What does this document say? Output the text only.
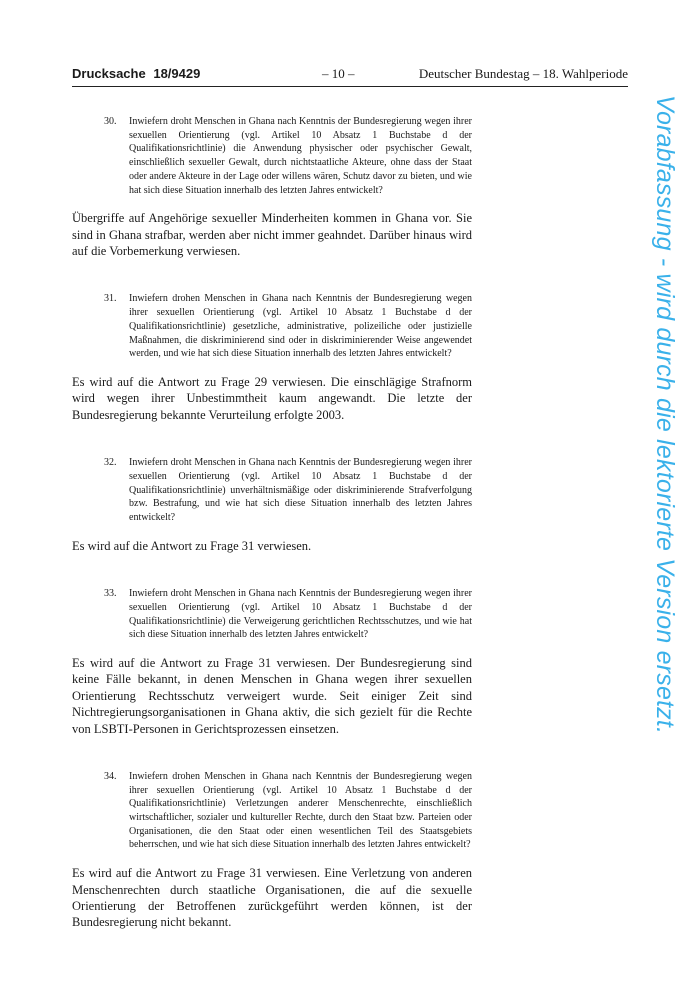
Drucksache 18/9429	– 10 –	Deutscher Bundestag – 18. Wahlperiode
30. Inwiefern droht Menschen in Ghana nach Kenntnis der Bundesregierung wegen ihrer sexuellen Orientierung (vgl. Artikel 10 Absatz 1 Buchstabe d der Qualifikationsrichtlinie) die Anwendung physischer oder psychischer Gewalt, einschließlich sexueller Gewalt, durch nichtstaatliche Akteure, ohne dass der Staat oder andere Akteure in der Lage oder willens wären, Schutz davor zu bieten, und wie hat sich diese Situation innerhalb des letzten Jahres entwickelt?

Übergriffe auf Angehörige sexueller Minderheiten kommen in Ghana vor. Sie sind in Ghana strafbar, werden aber nicht immer geahndet. Darüber hinaus wird auf die Vorbemerkung verwiesen.

31. Inwiefern drohen Menschen in Ghana nach Kenntnis der Bundesregierung wegen ihrer sexuellen Orientierung (vgl. Artikel 10 Absatz 1 Buchstabe d der Qualifikationsrichtlinie) gesetzliche, administrative, polizeiliche oder justizielle Maßnahmen, die diskriminierend sind oder in diskriminierender Weise angewendet werden, und wie hat sich diese Situation innerhalb des letzten Jahres entwickelt?

Es wird auf die Antwort zu Frage 29 verwiesen. Die einschlägige Strafnorm wird wegen ihrer Unbestimmtheit kaum angewandt. Die letzte der Bundesregierung bekannte Verurteilung erfolgte 2003.

32. Inwiefern droht Menschen in Ghana nach Kenntnis der Bundesregierung wegen ihrer sexuellen Orientierung (vgl. Artikel 10 Absatz 1 Buchstabe d der Qualifikationsrichtlinie) unverhältnismäßige oder diskriminierende Strafverfolgung bzw. Bestrafung, und wie hat sich diese Situation innerhalb des letzten Jahres entwickelt?

Es wird auf die Antwort zu Frage 31 verwiesen.

33. Inwiefern droht Menschen in Ghana nach Kenntnis der Bundesregierung wegen ihrer sexuellen Orientierung (vgl. Artikel 10 Absatz 1 Buchstabe d der Qualifikationsrichtlinie) die Verweigerung gerichtlichen Rechtsschutzes, und wie hat sich diese Situation innerhalb des letzten Jahres entwickelt?

Es wird auf die Antwort zu Frage 31 verwiesen. Der Bundesregierung sind keine Fälle bekannt, in denen Menschen in Ghana wegen ihrer sexuellen Orientierung Rechtsschutz verweigert wurde. Seit einiger Zeit sind Nichtregierungsorganisationen in Ghana aktiv, die sich gezielt für die Rechte von LSBTI-Personen in Gerichtsprozessen einsetzen.

34. Inwiefern drohen Menschen in Ghana nach Kenntnis der Bundesregierung wegen ihrer sexuellen Orientierung (vgl. Artikel 10 Absatz 1 Buchstabe d der Qualifikationsrichtlinie) Verletzungen anderer Menschenrechte, einschließlich wirtschaftlicher, sozialer und kultureller Rechte, durch den Staat bzw. Parteien oder Organisationen, die den Staat oder einen wesentlichen Teil des Staatsgebiets beherrschen, und wie hat sich diese Situation innerhalb des letzten Jahres entwickelt?

Es wird auf die Antwort zu Frage 31 verwiesen. Eine Verletzung von anderen Menschenrechten durch staatliche Organisationen, die auf die sexuelle Orientierung der Betroffenen zurückgeführt werden können, ist der Bundesregierung nicht bekannt.

Vorabfassung - wird durch die lektorierte Version ersetzt.
